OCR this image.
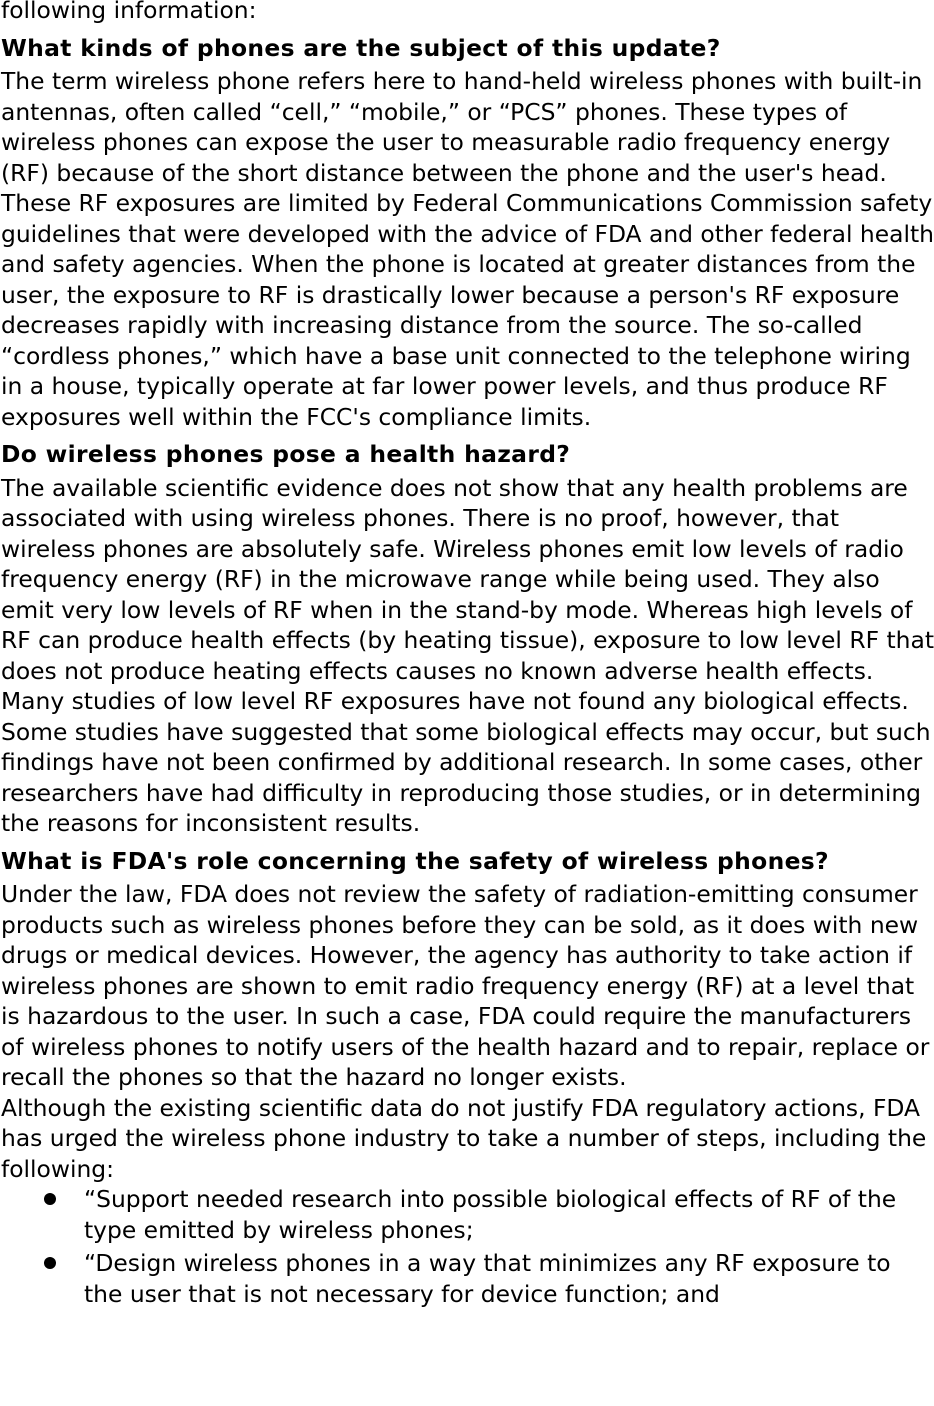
following information:

What kinds of phones are the subject of this update?

The term wireless phone refers here to hand-held wireless phones with built-in antennas, often called “cell,” “mobile,” or “PCS” phones. These types of wireless phones can expose the user to measurable radio frequency energy (RF) because of the short distance between the phone and the user's head. These RF exposures are limited by Federal Communications Commission safety guidelines that were developed with the advice of FDA and other federal health and safety agencies. When the phone is located at greater distances from the user, the exposure to RF is drastically lower because a person's RF exposure decreases rapidly with increasing distance from the source. The so-called “cordless phones,” which have a base unit connected to the telephone wiring in a house, typically operate at far lower power levels, and thus produce RF exposures well within the FCC's compliance limits.

Do wireless phones pose a health hazard?

The available scientific evidence does not show that any health problems are associated with using wireless phones. There is no proof, however, that wireless phones are absolutely safe. Wireless phones emit low levels of radio frequency energy (RF) in the microwave range while being used. They also emit very low levels of RF when in the stand-by mode. Whereas high levels of RF can produce health effects (by heating tissue), exposure to low level RF that does not produce heating effects causes no known adverse health effects. Many studies of low level RF exposures have not found any biological effects. Some studies have suggested that some biological effects may occur, but such findings have not been confirmed by additional research. In some cases, other researchers have had difficulty in reproducing those studies, or in determining the reasons for inconsistent results.

What is FDA's role concerning the safety of wireless phones?

Under the law, FDA does not review the safety of radiation-emitting consumer products such as wireless phones before they can be sold, as it does with new drugs or medical devices. However, the agency has authority to take action if wireless phones are shown to emit radio frequency energy (RF) at a level that is hazardous to the user. In such a case, FDA could require the manufacturers of wireless phones to notify users of the health hazard and to repair, replace or recall the phones so that the hazard no longer exists.

Although the existing scientific data do not justify FDA regulatory actions, FDA has urged the wireless phone industry to take a number of steps, including the following:

“Support needed research into possible biological effects of RF of the type emitted by wireless phones;
“Design wireless phones in a way that minimizes any RF exposure to the user that is not necessary for device function; and
